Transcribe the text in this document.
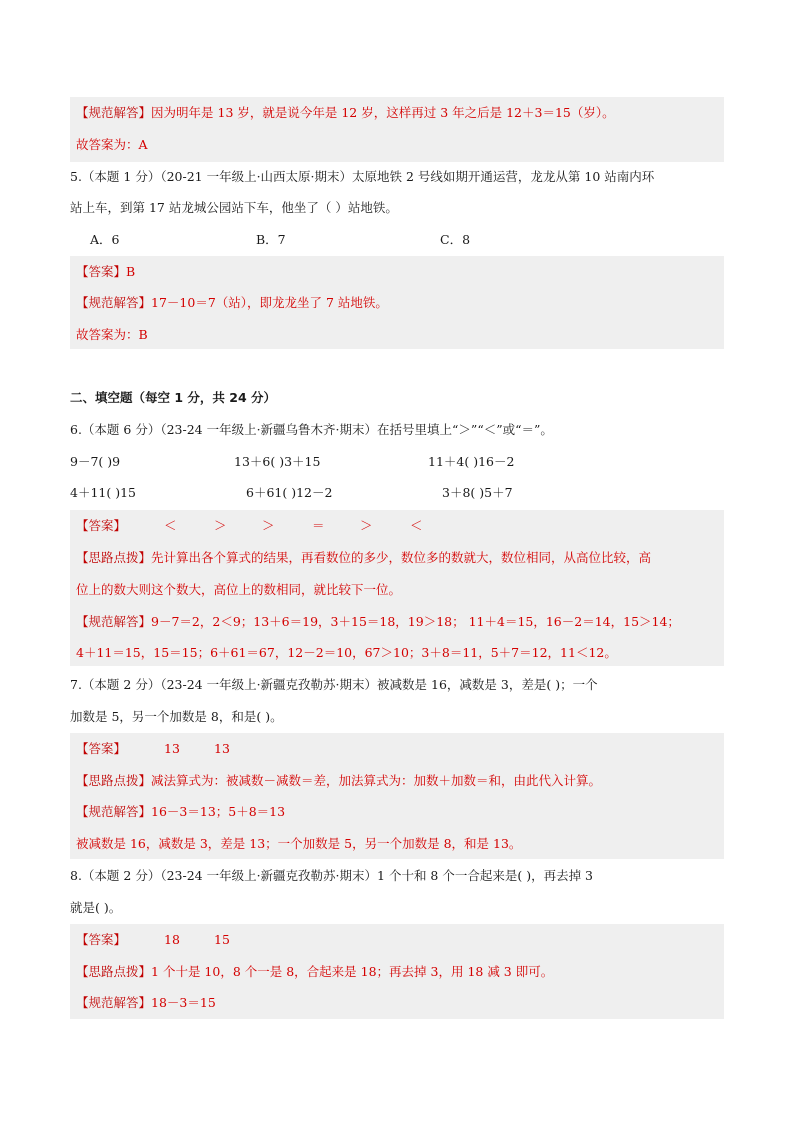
【规范解答】因为明年是 13 岁，就是说今年是 12 岁，这样再过 3 年之后是 12＋3＝15（岁）。
故答案为：A
5.（本题 1 分）（20-21 一年级上·山西太原·期末）太原地铁 2 号线如期开通运营，龙龙从第 10 站南内环
站上车，到第 17 站龙城公园站下车，他坐了（ ）站地铁。
A．6	B．7	C．8
【答案】B
【规范解答】17－10＝7（站），即龙龙坐了 7 站地铁。
故答案为：B
二、填空题（每空 1 分，共 24 分）
6.（本题 6 分）（23-24 一年级上·新疆乌鲁木齐·期末）在括号里填上“＞”“＜”或“＝”。
9－7( )9	13＋6( )3＋15	11＋4( )16－2
4＋11( )15	6＋61( )12－2	3＋8( )5＋7
【答案】	＜	＞	＞	＝	＞	＜
【思路点拨】先计算出各个算式的结果，再看数位的多少，数位多的数就大，数位相同，从高位比较，高
位上的数大则这个数大，高位上的数相同，就比较下一位。
【规范解答】9－7＝2，2＜9；13＋6＝19，3＋15＝18，19＞18； 11＋4＝15，16－2＝14，15＞14；
4＋11＝15，15＝15；6＋61＝67，12－2＝10，67＞10；3＋8＝11，5＋7＝12，11＜12。
7.（本题 2 分）（23-24 一年级上·新疆克孜勒苏·期末）被减数是 16，减数是 3，差是( )；一个
加数是 5，另一个加数是 8，和是( )。
【答案】	13	13
【思路点拨】减法算式为：被减数－减数＝差，加法算式为：加数＋加数＝和，由此代入计算。
【规范解答】16－3＝13；5＋8＝13
被减数是 16，减数是 3，差是 13；一个加数是 5，另一个加数是 8，和是 13。
8.（本题 2 分）（23-24 一年级上·新疆克孜勒苏·期末）1 个十和 8 个一合起来是( )，再去掉 3
就是( )。
【答案】	18	15
【思路点拨】1 个十是 10，8 个一是 8，合起来是 18；再去掉 3，用 18 减 3 即可。
【规范解答】18－3＝15
